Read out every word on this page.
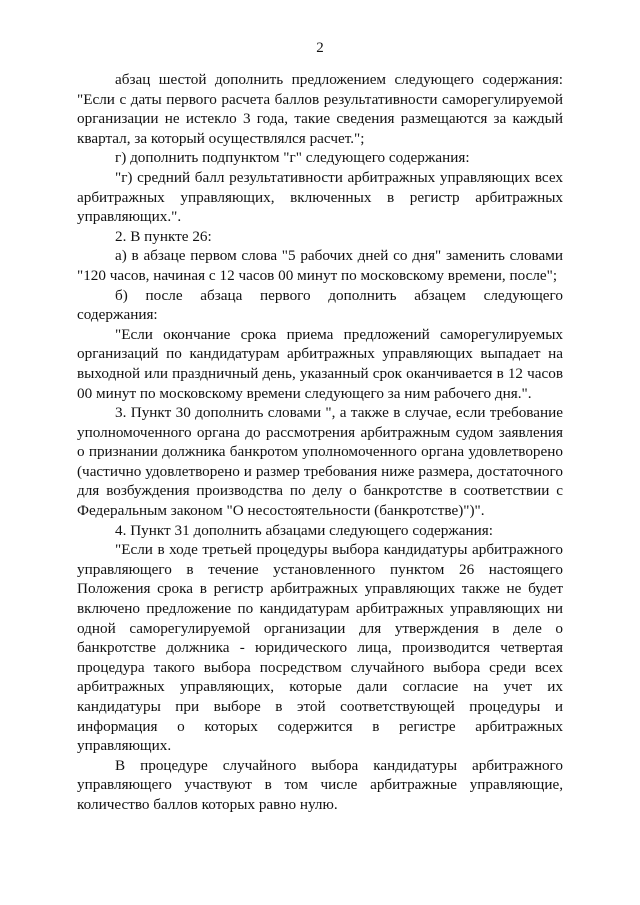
2

абзац шестой дополнить предложением следующего содержания: "Если с даты первого расчета баллов результативности саморегулируемой организации не истекло 3 года, такие сведения размещаются за каждый квартал, за который осуществлялся расчет.";

г) дополнить подпунктом "г" следующего содержания:

"г) средний балл результативности арбитражных управляющих всех арбитражных управляющих, включенных в регистр арбитражных управляющих.".

2. В пункте 26:

а) в абзаце первом слова "5 рабочих дней со дня" заменить словами "120 часов, начиная с 12 часов 00 минут по московскому времени, после";

б) после абзаца первого дополнить абзацем следующего содержания:

"Если окончание срока приема предложений саморегулируемых организаций по кандидатурам арбитражных управляющих выпадает на выходной или праздничный день, указанный срок оканчивается в 12 часов 00 минут по московскому времени следующего за ним рабочего дня.".

3. Пункт 30 дополнить словами ", а также в случае, если требование уполномоченного органа до рассмотрения арбитражным судом заявления о признании должника банкротом уполномоченного органа удовлетворено (частично удовлетворено и размер требования ниже размера, достаточного для возбуждения производства по делу о банкротстве в соответствии с Федеральным законом "О несостоятельности (банкротстве)")".

4. Пункт 31 дополнить абзацами следующего содержания:

"Если в ходе третьей процедуры выбора кандидатуры арбитражного управляющего в течение установленного пунктом 26 настоящего Положения срока в регистр арбитражных управляющих также не будет включено предложение по кандидатурам арбитражных управляющих ни одной саморегулируемой организации для утверждения в деле о банкротстве должника - юридического лица, производится четвертая процедура такого выбора посредством случайного выбора среди всех арбитражных управляющих, которые дали согласие на учет их кандидатуры при выборе в этой соответствующей процедуры и информация о которых содержится в регистре арбитражных управляющих.

В процедуре случайного выбора кандидатуры арбитражного управляющего участвуют в том числе арбитражные управляющие, количество баллов которых равно нулю.
